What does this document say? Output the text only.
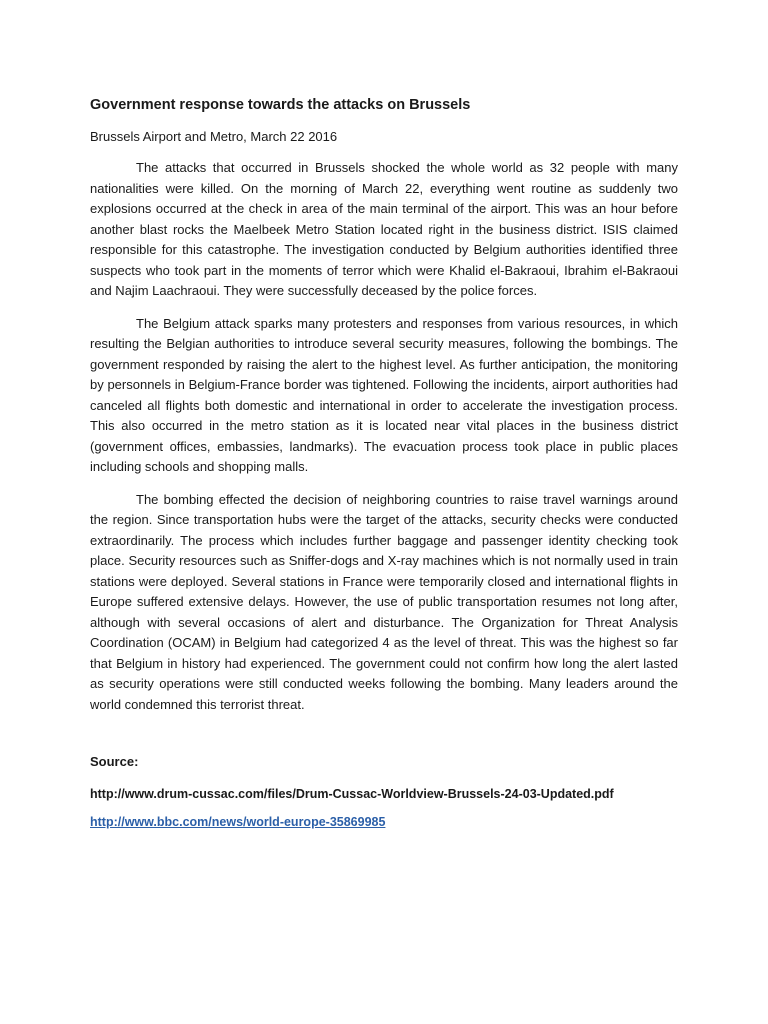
Government response towards the attacks on Brussels

Brussels Airport and Metro, March 22 2016

The attacks that occurred in Brussels shocked the whole world as 32 people with many nationalities were killed. On the morning of March 22, everything went routine as suddenly two explosions occurred at the check in area of the main terminal of the airport. This was an hour before another blast rocks the Maelbeek Metro Station located right in the business district. ISIS claimed responsible for this catastrophe. The investigation conducted by Belgium authorities identified three suspects who took part in the moments of terror which were Khalid el-Bakraoui, Ibrahim el-Bakraoui and Najim Laachraoui. They were successfully deceased by the police forces.

The Belgium attack sparks many protesters and responses from various resources, in which resulting the Belgian authorities to introduce several security measures, following the bombings. The government responded by raising the alert to the highest level. As further anticipation, the monitoring by personnels in Belgium-France border was tightened. Following the incidents, airport authorities had canceled all flights both domestic and international in order to accelerate the investigation process. This also occurred in the metro station as it is located near vital places in the business district (government offices, embassies, landmarks). The evacuation process took place in public places including schools and shopping malls.

The bombing effected the decision of neighboring countries to raise travel warnings around the region. Since transportation hubs were the target of the attacks, security checks were conducted extraordinarily. The process which includes further baggage and passenger identity checking took place. Security resources such as Sniffer-dogs and X-ray machines which is not normally used in train stations were deployed. Several stations in France were temporarily closed and international flights in Europe suffered extensive delays. However, the use of public transportation resumes not long after, although with several occasions of alert and disturbance. The Organization for Threat Analysis Coordination (OCAM) in Belgium had categorized 4 as the level of threat. This was the highest so far that Belgium in history had experienced. The government could not confirm how long the alert lasted as security operations were still conducted weeks following the bombing. Many leaders around the world condemned this terrorist threat.

Source:

http://www.drum-cussac.com/files/Drum-Cussac-Worldview-Brussels-24-03-Updated.pdf

http://www.bbc.com/news/world-europe-35869985
